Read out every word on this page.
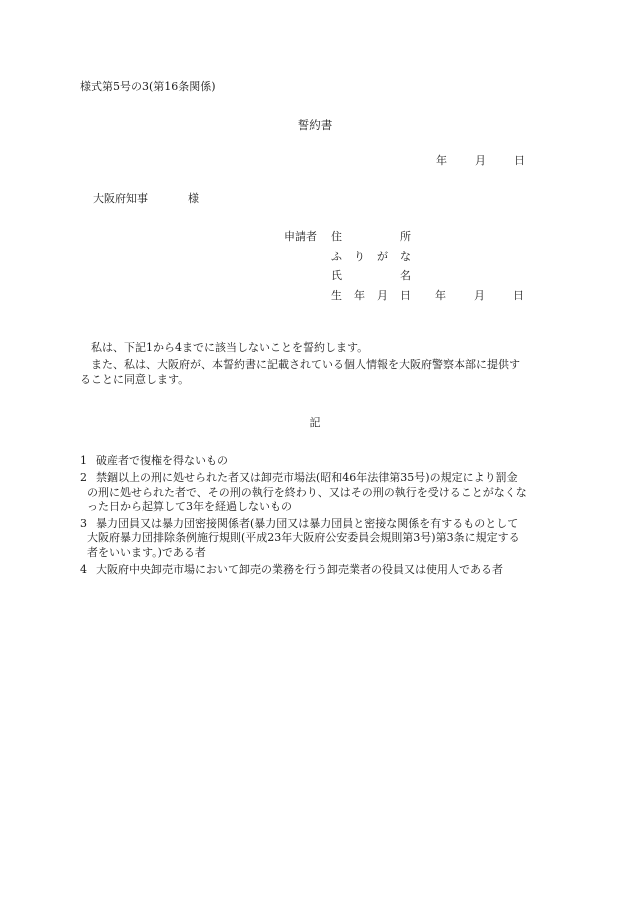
様式第5号の3(第16条関係)
誓約書
年	月	日
大阪府知事	様
申請者 住	所
ふ り が な
氏	名
生 年 月 日 年	月	日

私は、下記1から4までに該当しないことを誓約します。

また、私は、大阪府が、本誓約書に記載されている個人情報を大阪府警察本部に提供す
ることに同意します。

記
1 破産者で復権を得ないもの
2 禁錮以上の刑に処せられた者又は卸売市場法(昭和46年法律第35号)の規定により罰金
の刑に処せられた者で、その刑の執行を終わり、又はその刑の執行を受けることがなくな
った日から起算して3年を経過しないもの
3 暴力団員又は暴力団密接関係者(暴力団又は暴力団員と密接な関係を有するものとして
大阪府暴力団排除条例施行規則(平成23年大阪府公安委員会規則第3号)第3条に規定する
者をいいます。)である者
4 大阪府中央卸売市場において卸売の業務を行う卸売業者の役員又は使用人である者
